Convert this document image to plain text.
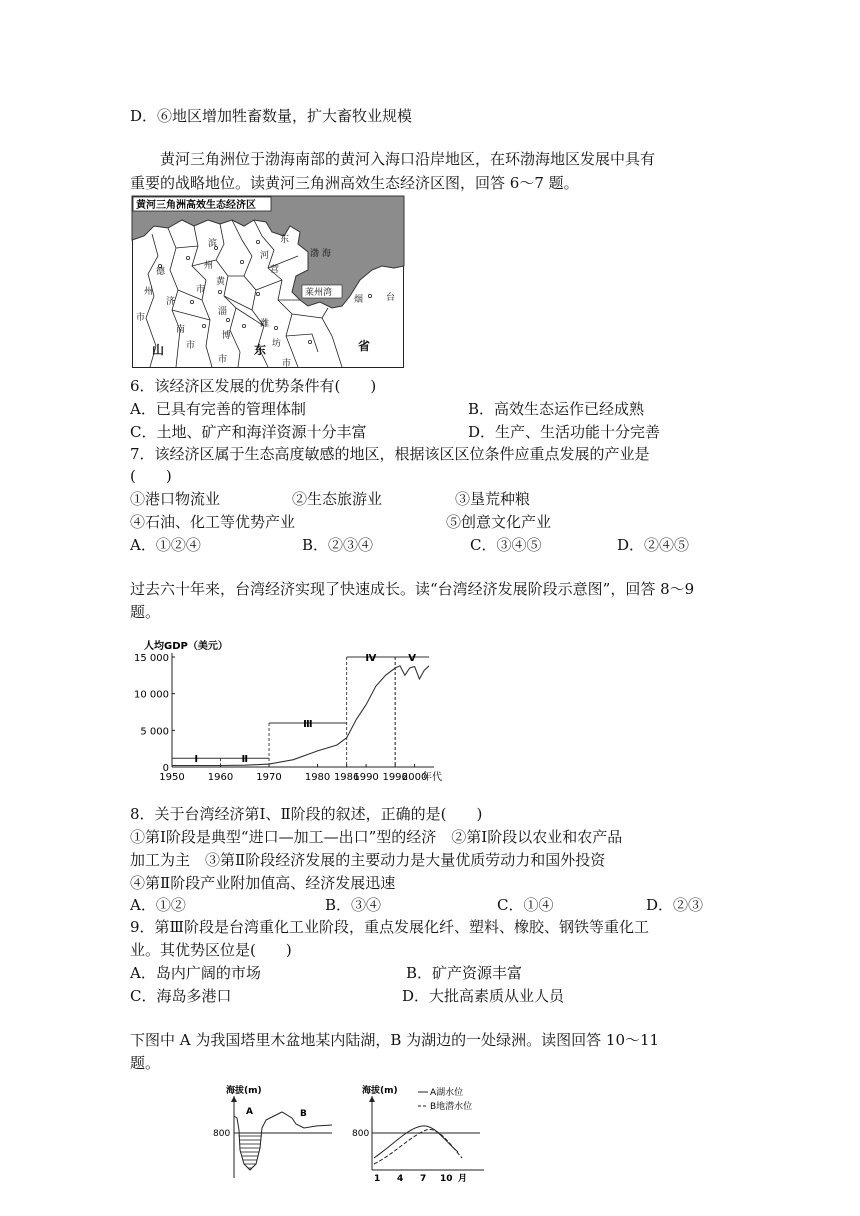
D．⑥地区增加牲畜数量，扩大畜牧业规模
黄河三角洲位于渤海南部的黄河入海口沿岸地区，在环渤海地区发展中具有
重要的战略地位。读黄河三角洲高效生态经济区图，回答 6～7 题。
黄河三角洲高效生态经济区
渤 海
莱州湾
滨
州
德
州
济
市
东
河
营
黄
市
淄
博
南
市
市
潍
坊
市
烟	台
山	东	省
6．该经济区发展的优势条件有(　　)
A．已具有完善的管理体制	B．高效生态运作已经成熟
C．土地、矿产和海洋资源十分丰富	D．生产、生活功能十分完善
7．该经济区属于生态高度敏感的地区，根据该区区位条件应重点发展的产业是
(　　)
①港口物流业	②生态旅游业	③垦荒种粮
④石油、化工等优势产业	⑤创意文化产业
A．①②④	B．②③④	C．③④⑤	D．②④⑤
过去六十年来，台湾经济实现了快速成长。读“台湾经济发展阶段示意图”，回答 8～9
题。
人均GDP（美元）
15 000
10 000
5 000
0
1950 1960 1970 1980 1986
1990 1996
2000
年代
Ⅰ	Ⅱ
Ⅲ
Ⅳ	Ⅴ
8．关于台湾经济第Ⅰ、Ⅱ阶段的叙述，正确的是(　　)
①第Ⅰ阶段是典型“进口—加工—出口”型的经济　②第Ⅰ阶段以农业和农产品
加工为主　③第Ⅱ阶段经济发展的主要动力是大量优质劳动力和国外投资
④第Ⅱ阶段产业附加值高、经济发展迅速
A．①②	B．③④	C．①④	D．②③
9．第Ⅲ阶段是台湾重化工业阶段，重点发展化纤、塑料、橡胶、钢铁等重化工
业。其优势区位是(　　)
A．岛内广阔的市场	B．矿产资源丰富
C．海岛多港口	D．大批高素质从业人员
下图中 A 为我国塔里木盆地某内陆湖，B 为湖边的一处绿洲。读图回答 10～11
题。
海拔(m)
800
A	B
海拔(m)
800
A湖水位
B地潜水位
1 4 7 10 月
